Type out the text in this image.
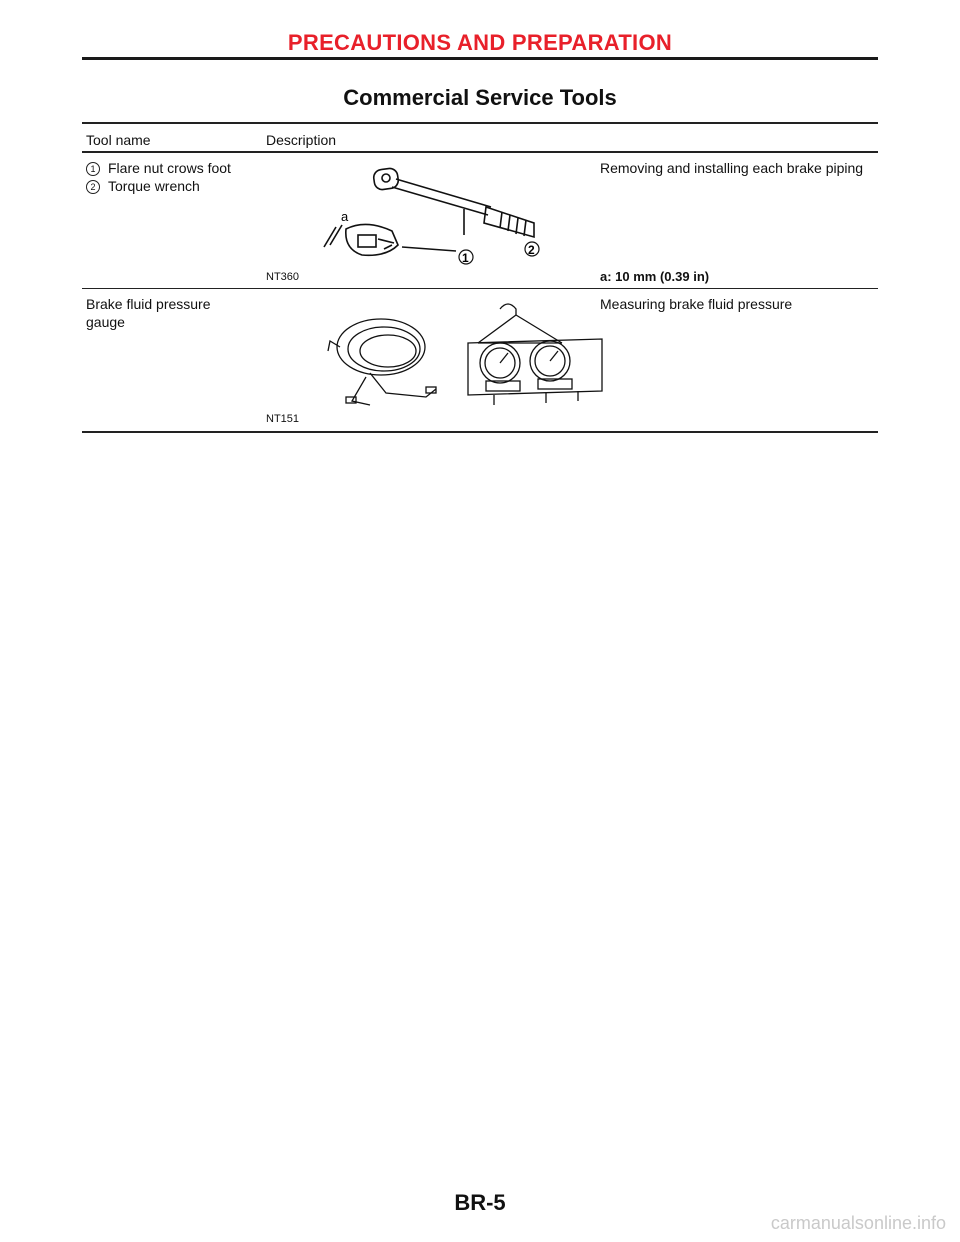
PRECAUTIONS AND PREPARATION
Commercial Service Tools
Tool name	Description
1 Flare nut crows foot
2 Torque wrench
a
1
2
NT360
Removing and installing each brake piping
a: 10 mm (0.39 in)
Brake fluid pressure
gauge
NT151
Measuring brake fluid pressure
BR-5
carmanualsonline.info
